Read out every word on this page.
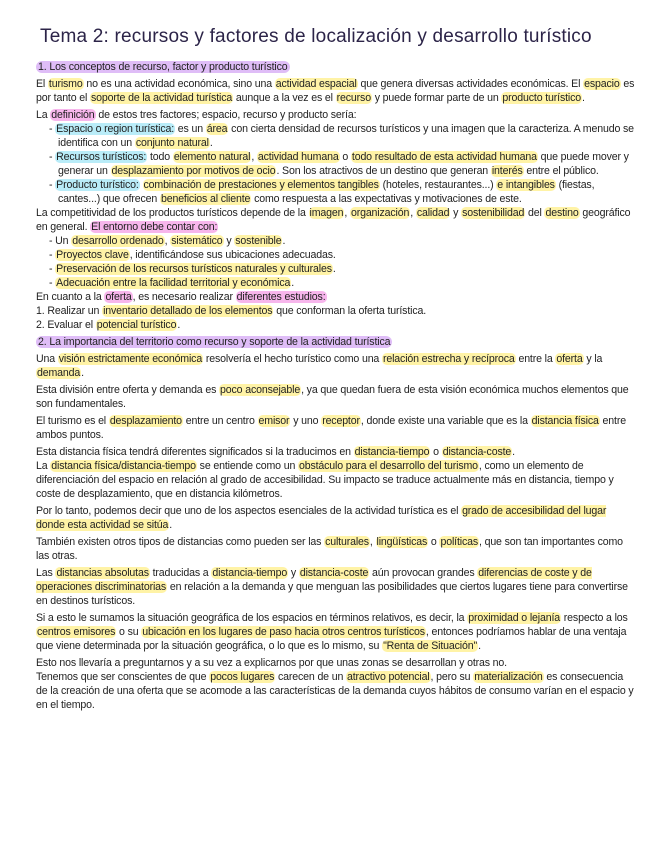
Tema 2: recursos y factores de localización y desarrollo turístico

1. Los conceptos de recurso, factor y producto turístico

El turismo no es una actividad económica, sino una actividad espacial que genera diversas actividades económicas. El espacio es por tanto el soporte de la actividad turística aunque a la vez es el recurso y puede formar parte de un producto turístico.

La definición de estos tres factores; espacio, recurso y producto sería:

- Espacio o region turística: es un área con cierta densidad de recursos turísticos y una imagen que la caracteriza. A menudo se identifica con un conjunto natural.

- Recursos turísticos: todo elemento natural, actividad humana o todo resultado de esta actividad humana que puede mover y generar un desplazamiento por motivos de ocio. Son los atractivos de un destino que generan interés entre el público.

- Producto turístico: combinación de prestaciones y elementos tangibles (hoteles, restaurantes...) e intangibles (fiestas, cantes...) que ofrecen beneficios al cliente como respuesta a las expectativas y motivaciones de este.

La competitividad de los productos turísticos depende de la imagen, organización, calidad y sostenibilidad del destino geográfico en general. El entorno debe contar con:

- Un desarrollo ordenado, sistemático y sostenible.

- Proyectos clave, identificándose sus ubicaciones adecuadas.

- Preservación de los recursos turísticos naturales y culturales.

- Adecuación entre la facilidad territorial y económica.

En cuanto a la oferta, es necesario realizar diferentes estudios:

1. Realizar un inventario detallado de los elementos que conforman la oferta turística.

2. Evaluar el potencial turístico.

2. La importancia del territorio como recurso y soporte de la actividad turística

Una visión estrictamente económica resolvería el hecho turístico como una relación estrecha y recíproca entre la oferta y la demanda.

Esta división entre oferta y demanda es poco aconsejable, ya que quedan fuera de esta visión económica muchos elementos que son fundamentales.

El turismo es el desplazamiento entre un centro emisor y uno receptor, donde existe una variable que es la distancia física entre ambos puntos.

Esta distancia física tendrá diferentes significados si la traducimos en distancia-tiempo o distancia-coste.

La distancia física/distancia-tiempo se entiende como un obstáculo para el desarrollo del turismo, como un elemento de diferenciación del espacio en relación al grado de accesibilidad. Su impacto se traduce actualmente más en distancia, tiempo y coste de desplazamiento, que en distancia kilómetros.

Por lo tanto, podemos decir que uno de los aspectos esenciales de la actividad turística es el grado de accesibilidad del lugar donde esta actividad se sitúa.

También existen otros tipos de distancias como pueden ser las culturales, lingüísticas o políticas, que son tan importantes como las otras.

Las distancias absolutas traducidas a distancia-tiempo y distancia-coste aún provocan grandes diferencias de coste y de operaciones discriminatorias en relación a la demanda y que menguan las posibilidades que ciertos lugares tiene para convertirse en destinos turísticos.

Si a esto le sumamos la situación geográfica de los espacios en términos relativos, es decir, la proximidad o lejanía respecto a los centros emisores o su ubicación en los lugares de paso hacia otros centros turísticos, entonces podríamos hablar de una ventaja que viene determinada por la situación geográfica, o lo que es lo mismo, su "Renta de Situación".

Esto nos llevaría a preguntarnos y a su vez a explicarnos por que unas zonas se desarrollan y otras no.

Tenemos que ser conscientes de que pocos lugares carecen de un atractivo potencial, pero su materialización es consecuencia de la creación de una oferta que se acomode a las características de la demanda cuyos hábitos de consumo varían en el espacio y en el tiempo.
